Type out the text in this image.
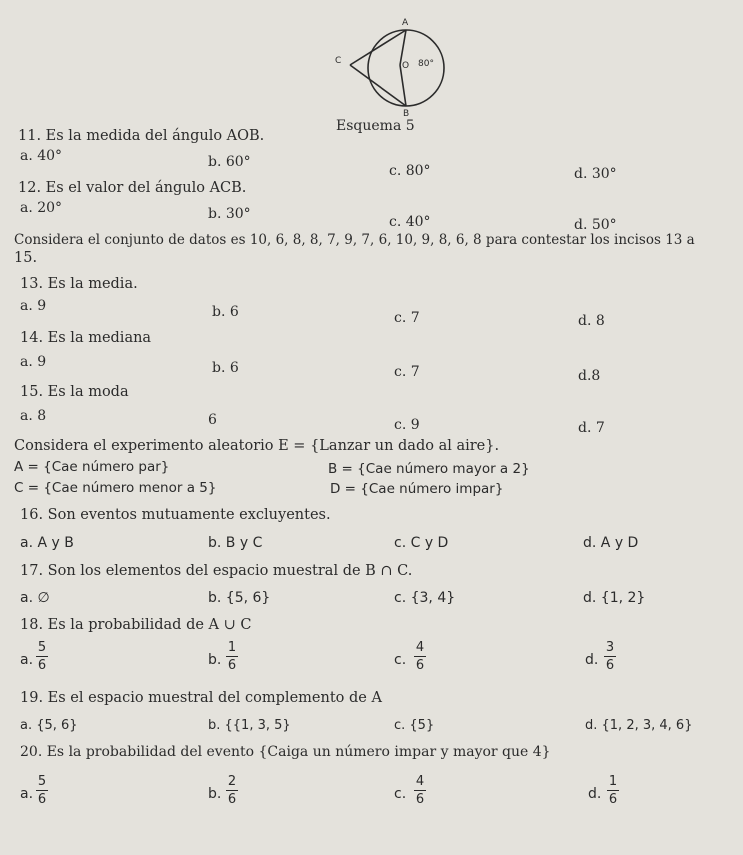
A
C	O 80°
B
Esquema 5
11. Es la medida del ángulo AOB.
a. 40°	b. 60°
c. 80°	d. 30°
12. Es el valor del ángulo ACB.
a. 20°	b. 30°	c. 40°	d. 50°
Considera el conjunto de datos es 10, 6, 8, 8, 7, 9, 7, 6, 10, 9, 8, 6, 8 para contestar los incisos 13 a
15.
13. Es la media.
a. 9	b. 6	c. 7	d. 8
14. Es la mediana
a. 9	b. 6	c. 7	d.8
15. Es la moda
a. 8	6	c. 9	d. 7
Considera el experimento aleatorio E = {Lanzar un dado al aire}.
A = {Cae número par}	B = {Cae número mayor a 2}
C = {Cae número menor a 5}	D = {Cae número impar}
16. Son eventos mutuamente excluyentes.
a. A y B	b. B y C	c. C y D	d. A y D
17. Son los elementos del espacio muestral de B ∩ C.
a. ∅	b. {5, 6}	c. {3, 4}	d. {1, 2}
18. Es la probabilidad de A ∪ C
a.
5
6	b.
1
6	c.
4
6	d.
3
6
19. Es el espacio muestral del complemento de A
a. {5, 6}	b. {{1, 3, 5}	c. {5}	d. {1, 2, 3, 4, 6}
20. Es la probabilidad del evento {Caiga un número impar y mayor que 4}
a.
5
6	b.
2
6	c.
4
6	d.
1
6
